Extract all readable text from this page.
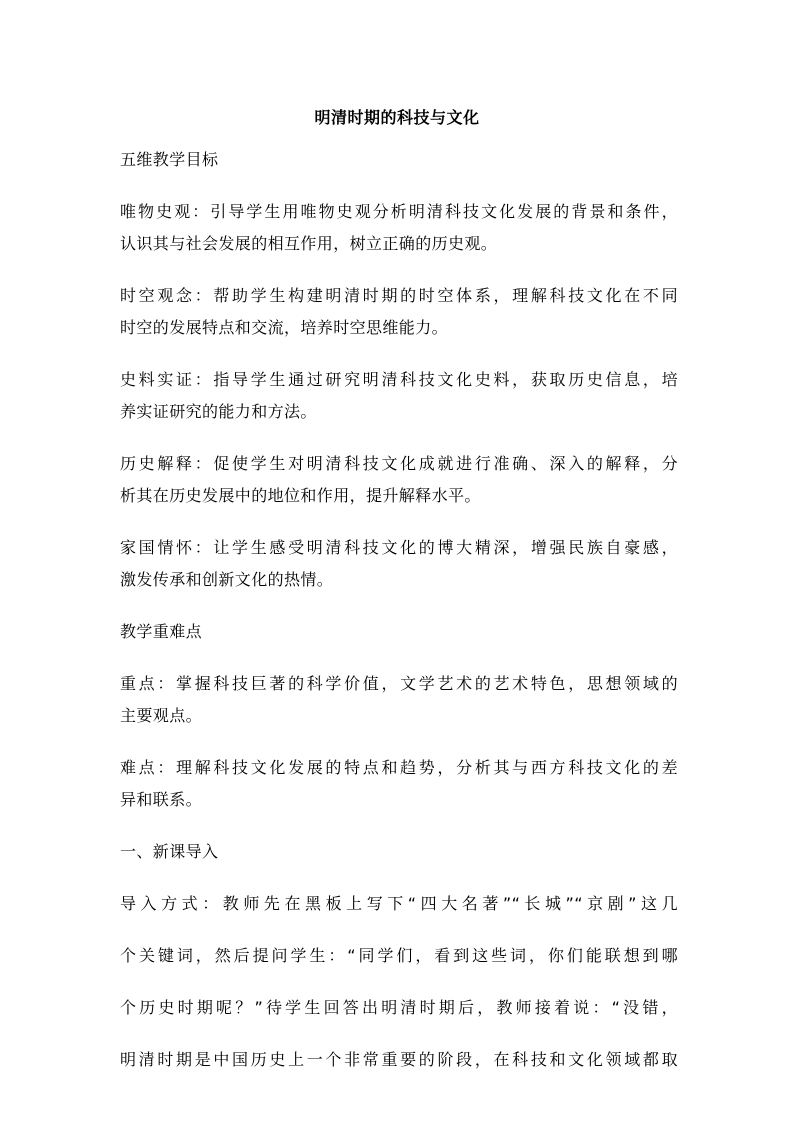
明清时期的科技与文化
五维教学目标
唯物史观：引导学生用唯物史观分析明清科技文化发展的背景和条件，
认识其与社会发展的相互作用，树立正确的历史观。
时空观念：帮助学生构建明清时期的时空体系，理解科技文化在不同
时空的发展特点和交流，培养时空思维能力。
史料实证：指导学生通过研究明清科技文化史料，获取历史信息，培
养实证研究的能力和方法。
历史解释：促使学生对明清科技文化成就进行准确、深入的解释，分
析其在历史发展中的地位和作用，提升解释水平。
家国情怀：让学生感受明清科技文化的博大精深，增强民族自豪感，
激发传承和创新文化的热情。
教学重难点
重点：掌握科技巨著的科学价值，文学艺术的艺术特色，思想领域的
主要观点。
难点：理解科技文化发展的特点和趋势，分析其与西方科技文化的差
异和联系。
一、新课导入
导入方式：教师先在黑板上写下“四大名著”“长城”“京剧”这几
个关键词，然后提问学生：“同学们，看到这些词，你们能联想到哪
个历史时期呢？”待学生回答出明清时期后，教师接着说：“没错，
明清时期是中国历史上一个非常重要的阶段，在科技和文化领域都取
